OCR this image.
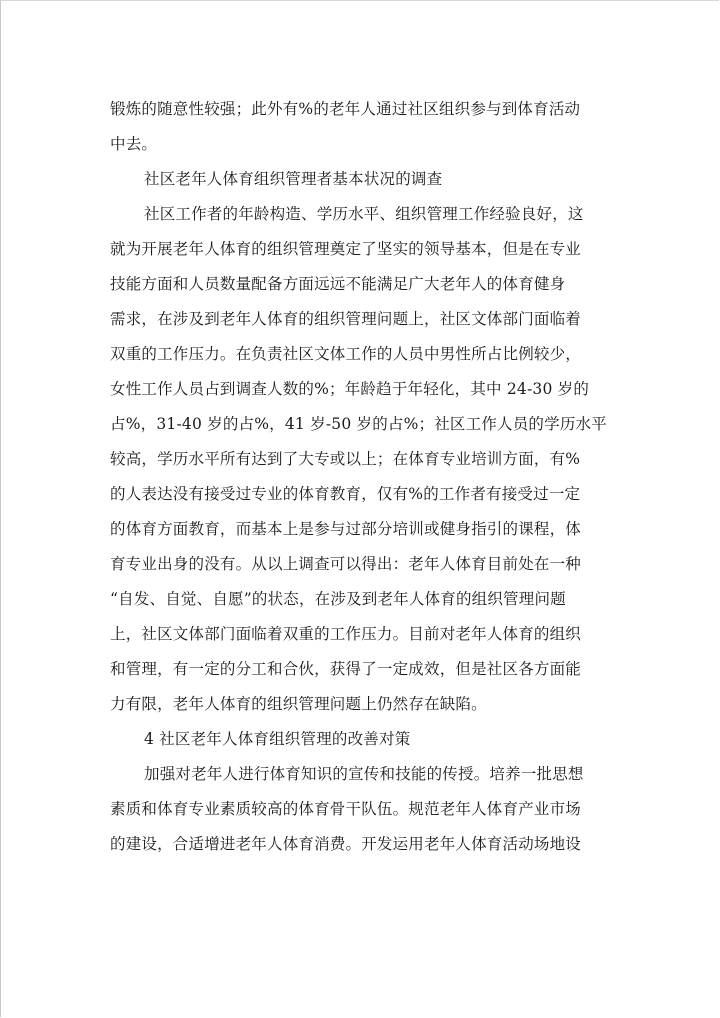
锻炼的随意性较强；此外有%的老年人通过社区组织参与到体育活动
中去。
社区老年人体育组织管理者基本状况的调查
社区工作者的年龄构造、学历水平、组织管理工作经验良好，这
就为开展老年人体育的组织管理奠定了坚实的领导基本，但是在专业
技能方面和人员数量配备方面远远不能满足广大老年人的体育健身
需求，在涉及到老年人体育的组织管理问题上，社区文体部门面临着
双重的工作压力。在负责社区文体工作的人员中男性所占比例较少，
女性工作人员占到调查人数的%；年龄趋于年轻化，其中 24-30 岁的
占%，31-40 岁的占%，41 岁-50 岁的占%；社区工作人员的学历水平
较高，学历水平所有达到了大专或以上；在体育专业培训方面，有%
的人表达没有接受过专业的体育教育，仅有%的工作者有接受过一定
的体育方面教育，而基本上是参与过部分培训或健身指引的课程，体
育专业出身的没有。从以上调查可以得出：老年人体育目前处在一种
“自发、自觉、自愿”的状态，在涉及到老年人体育的组织管理问题
上，社区文体部门面临着双重的工作压力。目前对老年人体育的组织
和管理，有一定的分工和合伙，获得了一定成效，但是社区各方面能
力有限，老年人体育的组织管理问题上仍然存在缺陷。
4 社区老年人体育组织管理的改善对策
加强对老年人进行体育知识的宣传和技能的传授。培养一批思想
素质和体育专业素质较高的体育骨干队伍。规范老年人体育产业市场
的建设，合适增进老年人体育消费。开发运用老年人体育活动场地设
